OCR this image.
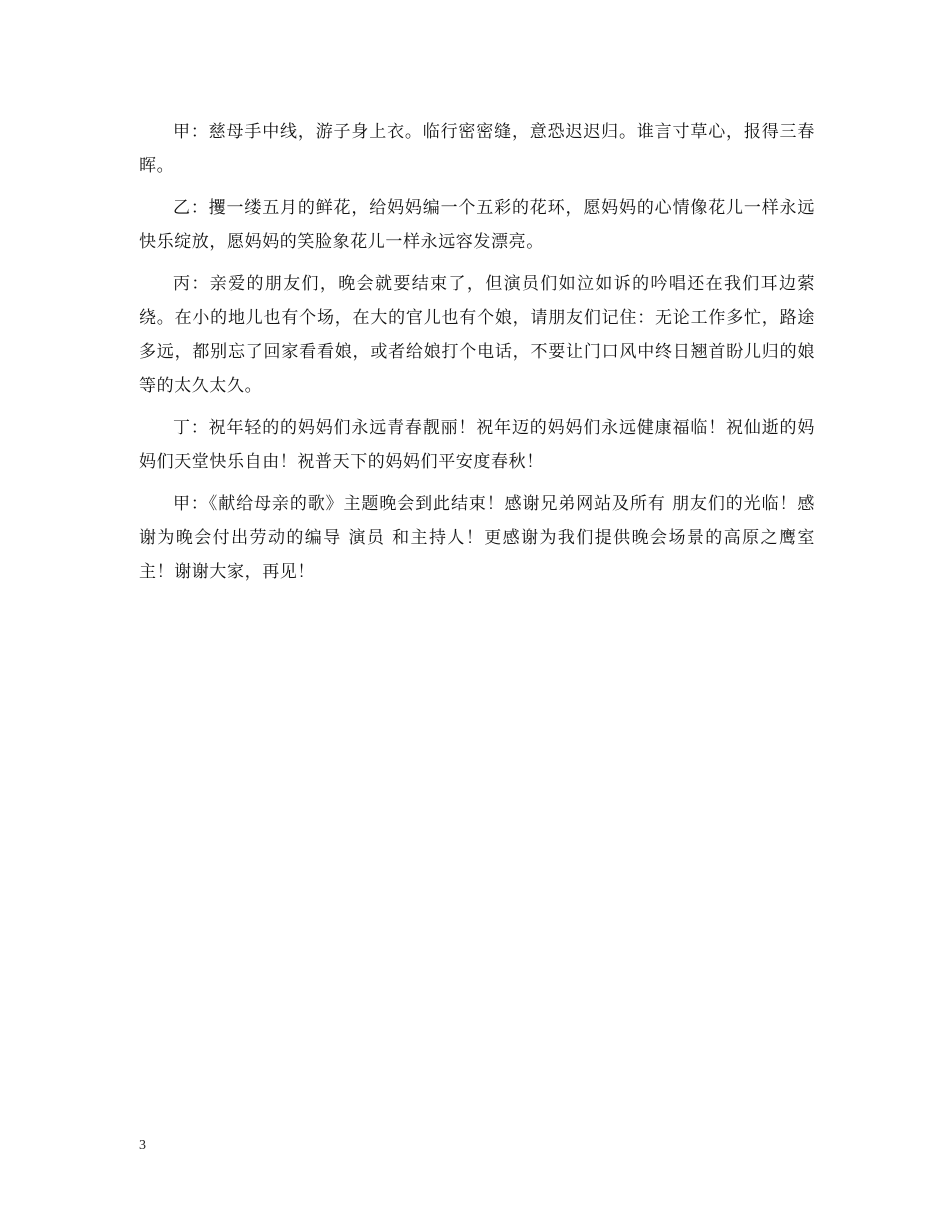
甲：慈母手中线，游子身上衣。临行密密缝，意恐迟迟归。谁言寸草心，报得三春晖。

乙：攫一缕五月的鲜花，给妈妈编一个五彩的花环，愿妈妈的心情像花儿一样永远快乐绽放，愿妈妈的笑脸象花儿一样永远容发漂亮。

丙：亲爱的朋友们，晚会就要结束了，但演员们如泣如诉的吟唱还在我们耳边萦绕。在小的地儿也有个场，在大的官儿也有个娘，请朋友们记住：无论工作多忙，路途多远，都别忘了回家看看娘，或者给娘打个电话，不要让门口风中终日翘首盼儿归的娘等的太久太久。

丁：祝年轻的的妈妈们永远青春靓丽！祝年迈的妈妈们永远健康福临！祝仙逝的妈妈们天堂快乐自由！祝普天下的妈妈们平安度春秋！

甲：《献给母亲的歌》主题晚会到此结束！感谢兄弟网站及所有 朋友们的光临！感谢为晚会付出劳动的编导 演员 和主持人！更感谢为我们提供晚会场景的高原之鹰室主！谢谢大家，再见！

3
